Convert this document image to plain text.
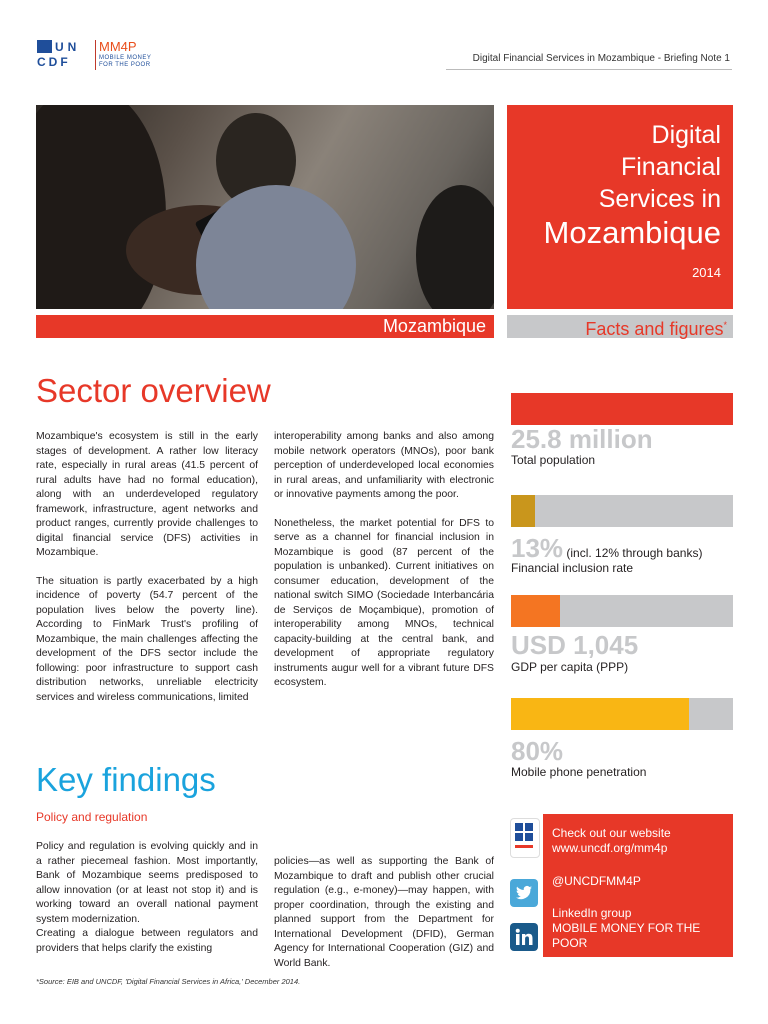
UN
CDF
MM4P
MOBILE MONEY
FOR THE POOR
Digital Financial Services in Mozambique - Briefing Note 1
Digital
Financial
Services in
Mozambique
2014
Mozambique	Facts and figures*
Sector overview

Mozambique's ecosystem is still in the early stages of development. A rather low literacy rate, especially in rural areas (41.5 percent of rural adults have had no formal education), along with an underdeveloped regulatory framework, infrastructure, agent networks and product ranges, currently provide challenges to digital financial service (DFS) activities in Mozambique.

The situation is partly exacerbated by a high incidence of poverty (54.7 percent of the population lives below the poverty line). According to FinMark Trust's profiling of Mozambique, the main challenges affecting the development of the DFS sector include the following: poor infrastructure to support cash distribution networks, unreliable electricity services and wireless communications, limited

interoperability among banks and also among mobile network operators (MNOs), poor bank perception of underdeveloped local economies in rural areas, and unfamiliarity with electronic or innovative payments among the poor.

Nonetheless, the market potential for DFS to serve as a channel for financial inclusion in Mozambique is good (87 percent of the population is unbanked). Current initiatives on consumer education, development of the national switch SIMO (Sociedade Interbancária de Serviços de Moçambique), promotion of interoperability among MNOs, technical capacity-building at the central bank, and development of appropriate regulatory instruments augur well for a vibrant future DFS ecosystem.

Key findings
Policy and regulation

Policy and regulation is evolving quickly and in a rather piecemeal fashion. Most importantly, Bank of Mozambique seems predisposed to allow innovation (or at least not stop it) and is working toward an overall national payment system modernization.

Creating a dialogue between regulators and providers that helps clarify the existing

policies—as well as supporting the Bank of Mozambique to draft and publish other crucial regulation (e.g., e-money)—may happen, with proper coordination, through the existing and planned support from the Department for International Development (DFID), German Agency for International Cooperation (GIZ) and World Bank.

*Source: EIB and UNCDF, 'Digital Financial Services in Africa,' December 2014.
25.8 million
Total population
13% (incl. 12% through banks)
Financial inclusion rate
USD 1,045
GDP per capita (PPP)
80%
Mobile phone penetration
Check out our website
www.uncdf.org/mm4p
@UNCDFMM4P
LinkedIn group
MOBILE MONEY FOR THE POOR
